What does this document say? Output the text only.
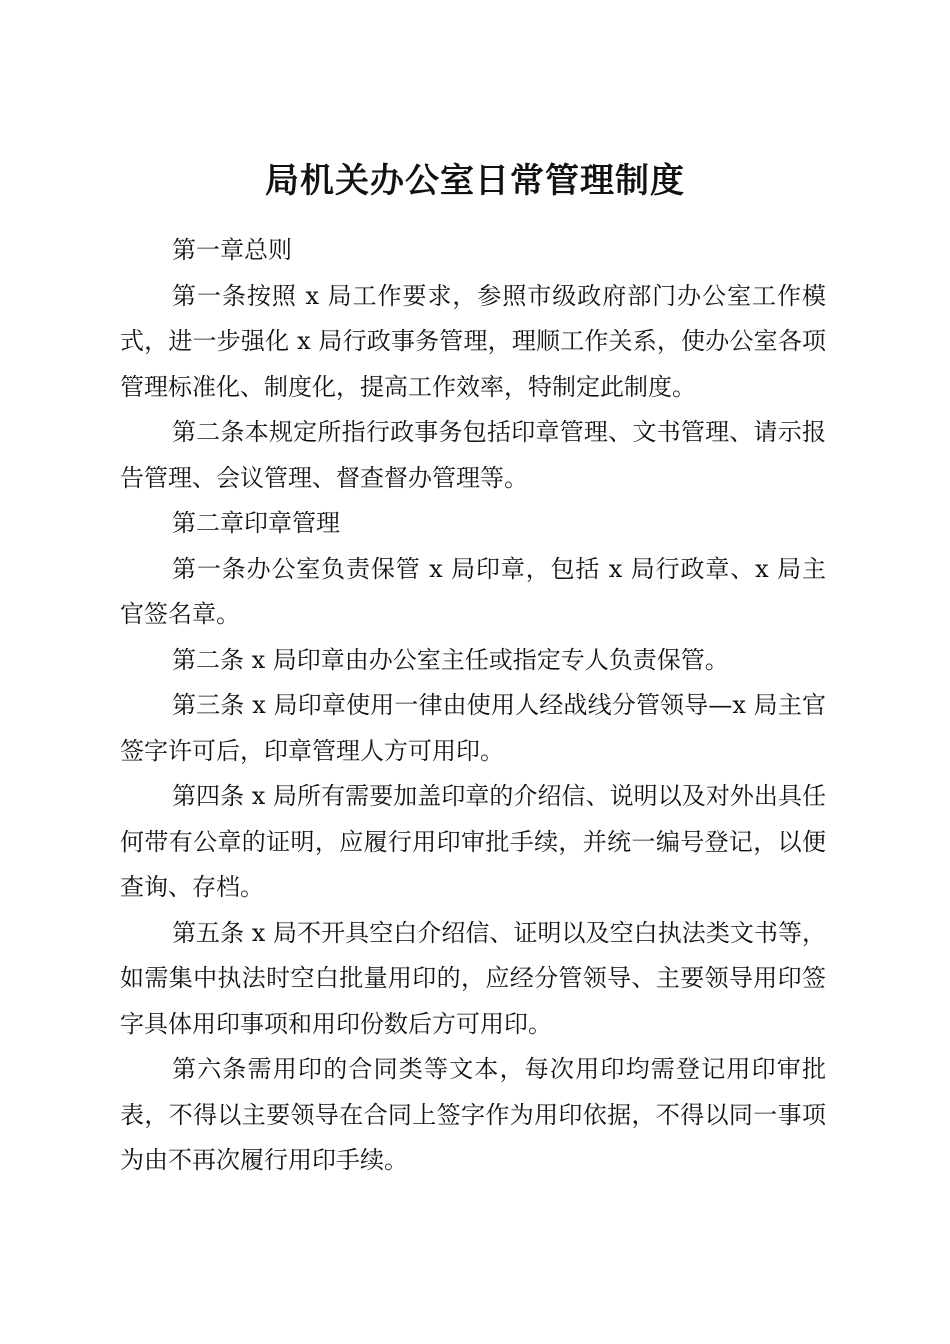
局机关办公室日常管理制度

第一章总则

第一条按照 x 局工作要求，参照市级政府部门办公室工作模式，进一步强化 x 局行政事务管理，理顺工作关系，使办公室各项管理标准化、制度化，提高工作效率，特制定此制度。

第二条本规定所指行政事务包括印章管理、文书管理、请示报告管理、会议管理、督查督办管理等。

第二章印章管理

第一条办公室负责保管 x 局印章，包括 x 局行政章、x 局主官签名章。

第二条 x 局印章由办公室主任或指定专人负责保管。

第三条 x 局印章使用一律由使用人经战线分管领导—x 局主官签字许可后，印章管理人方可用印。

第四条 x 局所有需要加盖印章的介绍信、说明以及对外出具任何带有公章的证明，应履行用印审批手续，并统一编号登记，以便查询、存档。

第五条 x 局不开具空白介绍信、证明以及空白执法类文书等，如需集中执法时空白批量用印的，应经分管领导、主要领导用印签字具体用印事项和用印份数后方可用印。

第六条需用印的合同类等文本，每次用印均需登记用印审批表，不得以主要领导在合同上签字作为用印依据，不得以同一事项为由不再次履行用印手续。
